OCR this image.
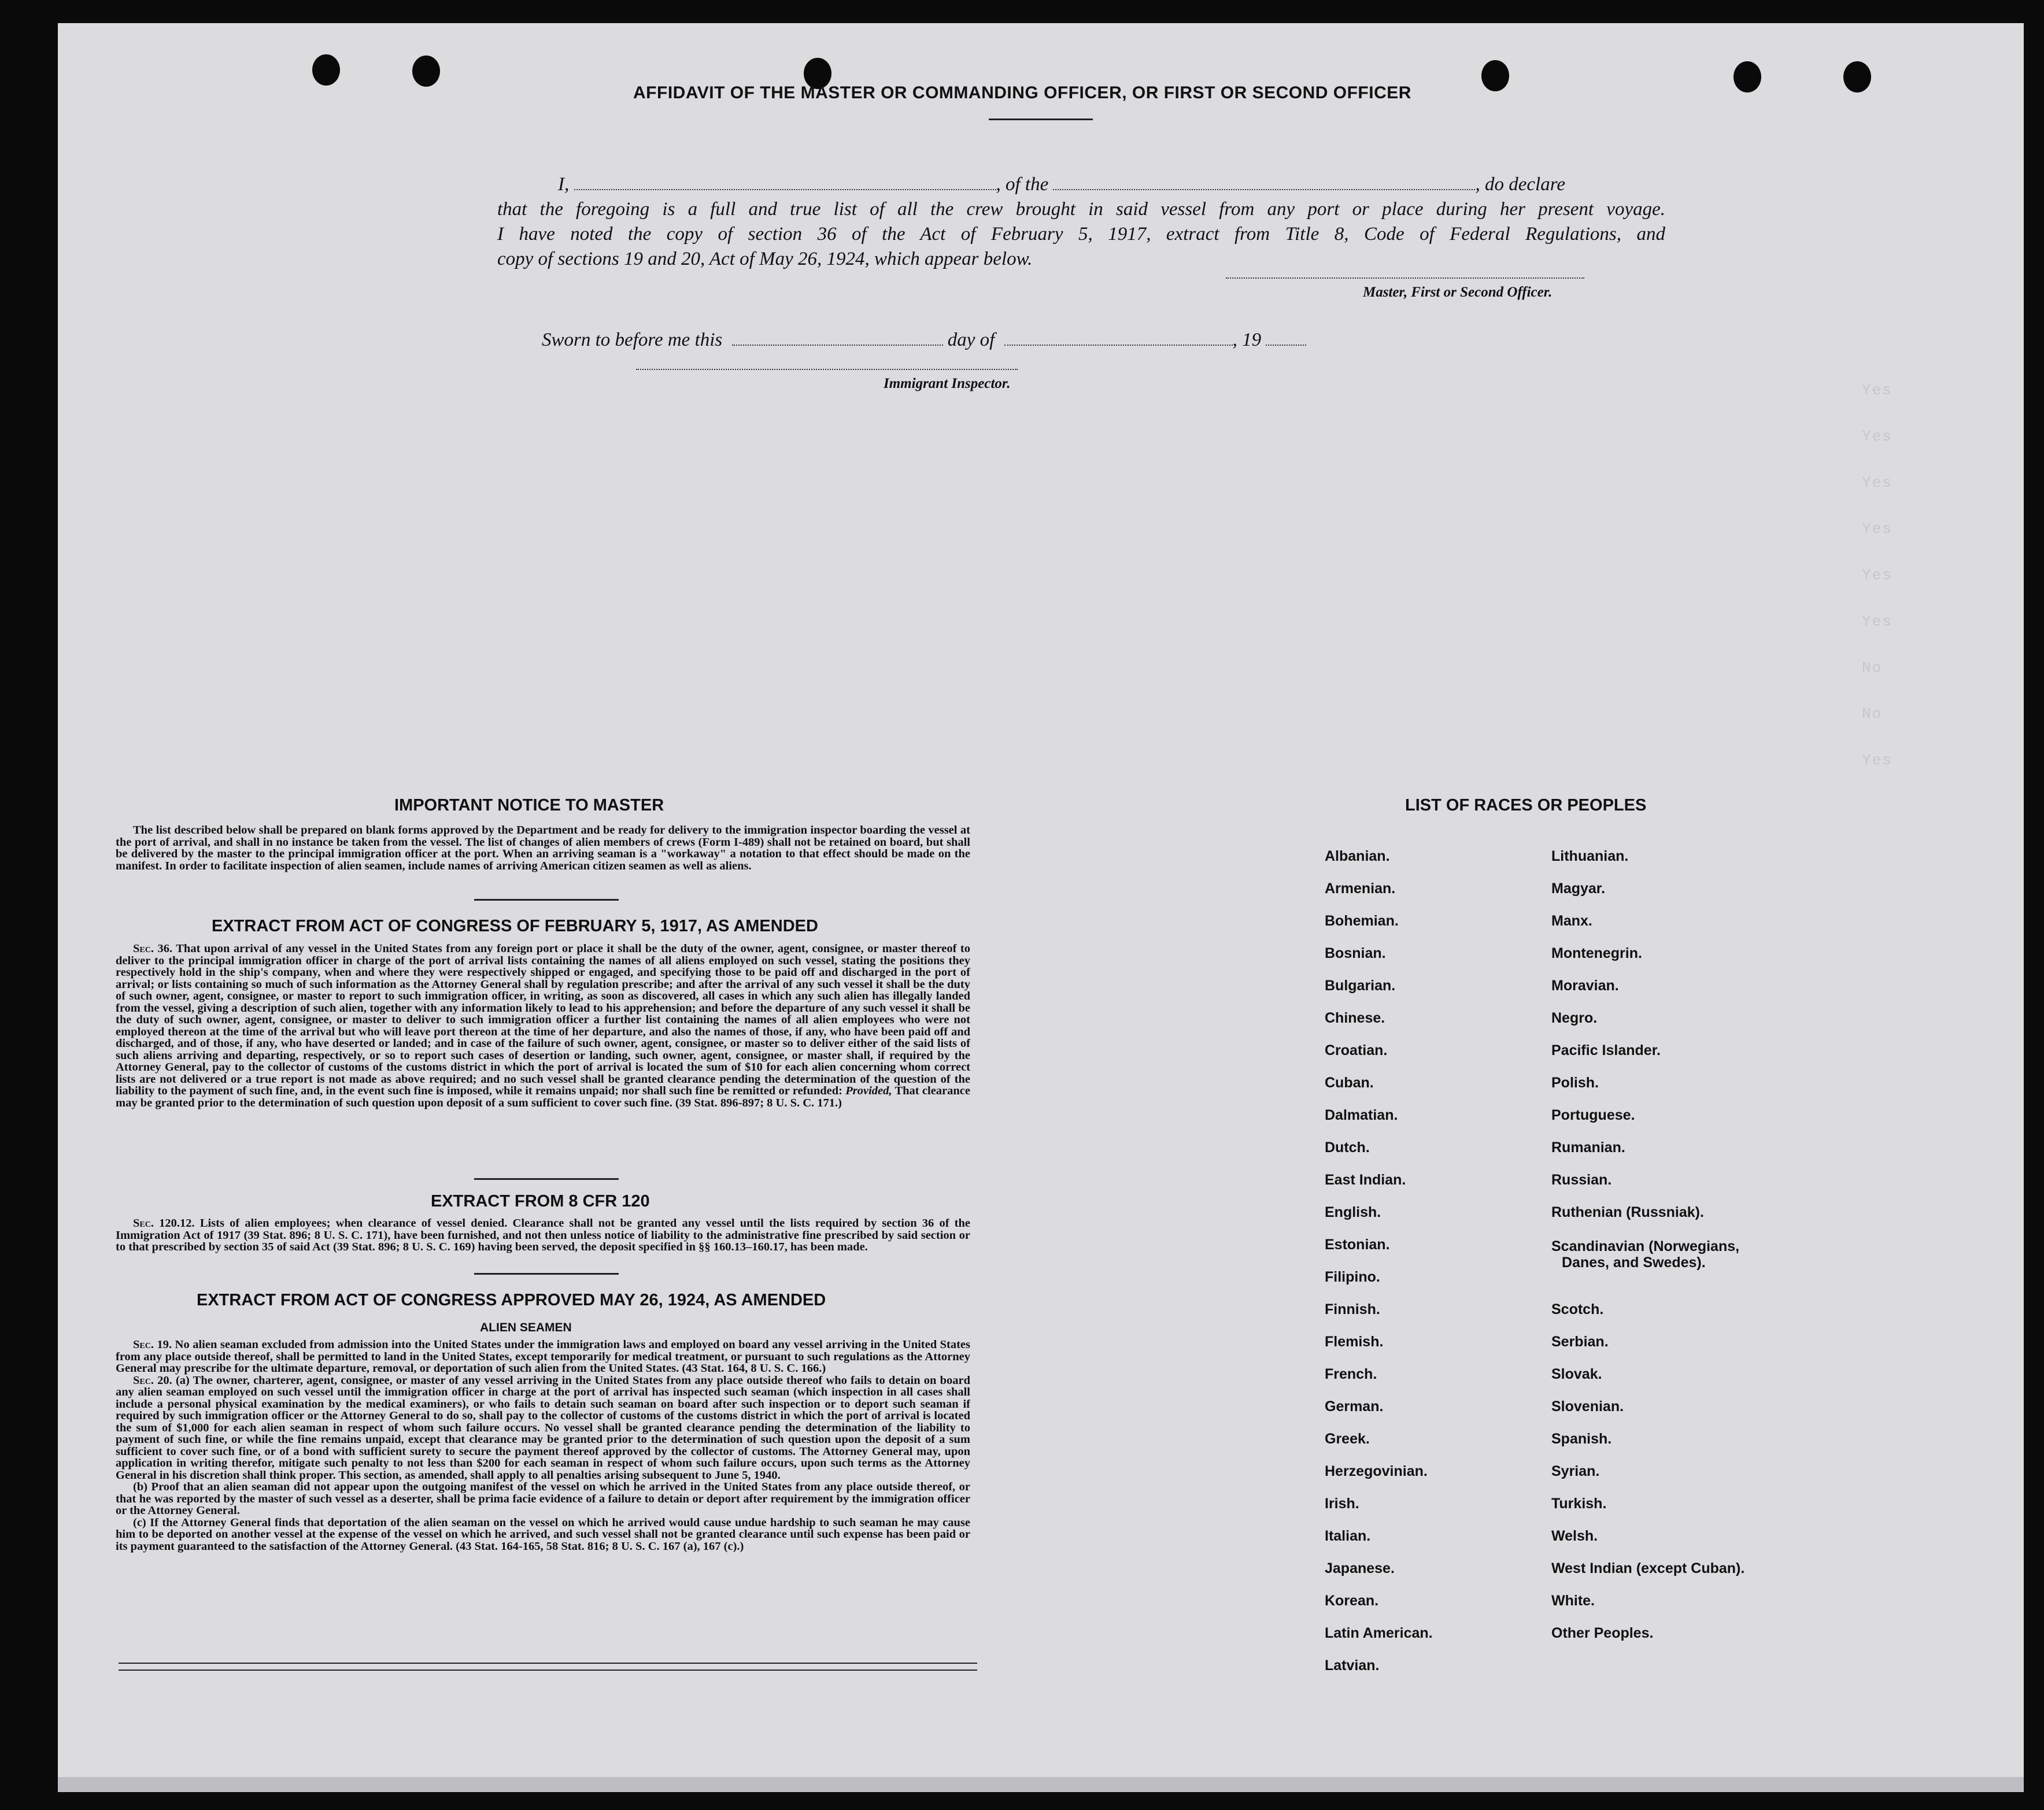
Yes
Yes
Yes
Yes
Yes
Yes
No
No
Yes
AFFIDAVIT OF THE MASTER OR COMMANDING OFFICER, OR FIRST OR SECOND OFFICER

I,	, of the	, do declare

that the foregoing is a full and true list of all the crew brought in said vessel from any port or place during her present voyage.

I have noted the copy of section 36 of the Act of February 5, 1917, extract from Title 8, Code of Federal Regulations, and

copy of sections 19 and 20, Act of May 26, 1924, which appear below.

Master, First or Second Officer.
Sworn to before me this	day of	, 19
Immigrant Inspector.
IMPORTANT NOTICE TO MASTER

The list described below shall be prepared on blank forms approved by the Department and be ready for delivery to the immigration inspector boarding the vessel at the port of arrival, and shall in no instance be taken from the vessel. The list of changes of alien members of crews (Form I-489) shall not be retained on board, but shall be delivered by the master to the principal immigration officer at the port. When an arriving seaman is a "workaway" a notation to that effect should be made on the manifest. In order to facilitate inspection of alien seamen, include names of arriving American citizen seamen as well as aliens.

EXTRACT FROM ACT OF CONGRESS OF FEBRUARY 5, 1917, AS AMENDED

Sec. 36. That upon arrival of any vessel in the United States from any foreign port or place it shall be the duty of the owner, agent, consignee, or master thereof to deliver to the principal immigration officer in charge of the port of arrival lists containing the names of all aliens employed on such vessel, stating the positions they respectively hold in the ship's company, when and where they were respectively shipped or engaged, and specifying those to be paid off and discharged in the port of arrival; or lists containing so much of such information as the Attorney General shall by regulation prescribe; and after the arrival of any such vessel it shall be the duty of such owner, agent, consignee, or master to report to such immigration officer, in writing, as soon as discovered, all cases in which any such alien has illegally landed from the vessel, giving a description of such alien, together with any information likely to lead to his apprehension; and before the departure of any such vessel it shall be the duty of such owner, agent, consignee, or master to deliver to such immigration officer a further list containing the names of all alien employees who were not employed thereon at the time of the arrival but who will leave port thereon at the time of her departure, and also the names of those, if any, who have been paid off and discharged, and of those, if any, who have deserted or landed; and in case of the failure of such owner, agent, consignee, or master so to deliver either of the said lists of such aliens arriving and departing, respectively, or so to report such cases of desertion or landing, such owner, agent, consignee, or master shall, if required by the Attorney General, pay to the collector of customs of the customs district in which the port of arrival is located the sum of $10 for each alien concerning whom correct lists are not delivered or a true report is not made as above required; and no such vessel shall be granted clearance pending the determination of the question of the liability to the payment of such fine, and, in the event such fine is imposed, while it remains unpaid; nor shall such fine be remitted or refunded: Provided, That clearance may be granted prior to the determination of such question upon deposit of a sum sufficient to cover such fine. (39 Stat. 896-897; 8 U. S. C. 171.)

EXTRACT FROM 8 CFR 120

Sec. 120.12. Lists of alien employees; when clearance of vessel denied. Clearance shall not be granted any vessel until the lists required by section 36 of the Immigration Act of 1917 (39 Stat. 896; 8 U. S. C. 171), have been furnished, and not then unless notice of liability to the administrative fine prescribed by said section or to that prescribed by section 35 of said Act (39 Stat. 896; 8 U. S. C. 169) having been served, the deposit specified in §§ 160.13–160.17, has been made.

EXTRACT FROM ACT OF CONGRESS APPROVED MAY 26, 1924, AS AMENDED
ALIEN SEAMEN

Sec. 19. No alien seaman excluded from admission into the United States under the immigration laws and employed on board any vessel arriving in the United States from any place outside thereof, shall be permitted to land in the United States, except temporarily for medical treatment, or pursuant to such regulations as the Attorney General may prescribe for the ultimate departure, removal, or deportation of such alien from the United States. (43 Stat. 164, 8 U. S. C. 166.)

Sec. 20. (a) The owner, charterer, agent, consignee, or master of any vessel arriving in the United States from any place outside thereof who fails to detain on board any alien seaman employed on such vessel until the immigration officer in charge at the port of arrival has inspected such seaman (which inspection in all cases shall include a personal physical examination by the medical examiners), or who fails to detain such seaman on board after such inspection or to deport such seaman if required by such immigration officer or the Attorney General to do so, shall pay to the collector of customs of the customs district in which the port of arrival is located the sum of $1,000 for each alien seaman in respect of whom such failure occurs. No vessel shall be granted clearance pending the determination of the liability to payment of such fine, or while the fine remains unpaid, except that clearance may be granted prior to the determination of such question upon the deposit of a sum sufficient to cover such fine, or of a bond with sufficient surety to secure the payment thereof approved by the collector of customs. The Attorney General may, upon application in writing therefor, mitigate such penalty to not less than $200 for each seaman in respect of whom such failure occurs, upon such terms as the Attorney General in his discretion shall think proper. This section, as amended, shall apply to all penalties arising subsequent to June 5, 1940.

(b) Proof that an alien seaman did not appear upon the outgoing manifest of the vessel on which he arrived in the United States from any place outside thereof, or that he was reported by the master of such vessel as a deserter, shall be prima facie evidence of a failure to detain or deport after requirement by the immigration officer or the Attorney General.

(c) If the Attorney General finds that deportation of the alien seaman on the vessel on which he arrived would cause undue hardship to such seaman he may cause him to be deported on another vessel at the expense of the vessel on which he arrived, and such vessel shall not be granted clearance until such expense has been paid or its payment guaranteed to the satisfaction of the Attorney General. (43 Stat. 164-165, 58 Stat. 816; 8 U. S. C. 167 (a), 167 (c).)

LIST OF RACES OR PEOPLES
Albanian.
Armenian.
Bohemian.
Bosnian.
Bulgarian.
Chinese.
Croatian.
Cuban.
Dalmatian.
Dutch.
East Indian.
English.
Estonian.
Filipino.
Finnish.
Flemish.
French.
German.
Greek.
Herzegovinian.
Irish.
Italian.
Japanese.
Korean.
Latin American.
Latvian.
Lithuanian.
Magyar.
Manx.
Montenegrin.
Moravian.
Negro.
Pacific Islander.
Polish.
Portuguese.
Rumanian.
Russian.
Ruthenian (Russniak).
Scandinavian (Norwegians,
Danes, and Swedes).
Scotch.
Serbian.
Slovak.
Slovenian.
Spanish.
Syrian.
Turkish.
Welsh.
West Indian (except Cuban).
White.
Other Peoples.
